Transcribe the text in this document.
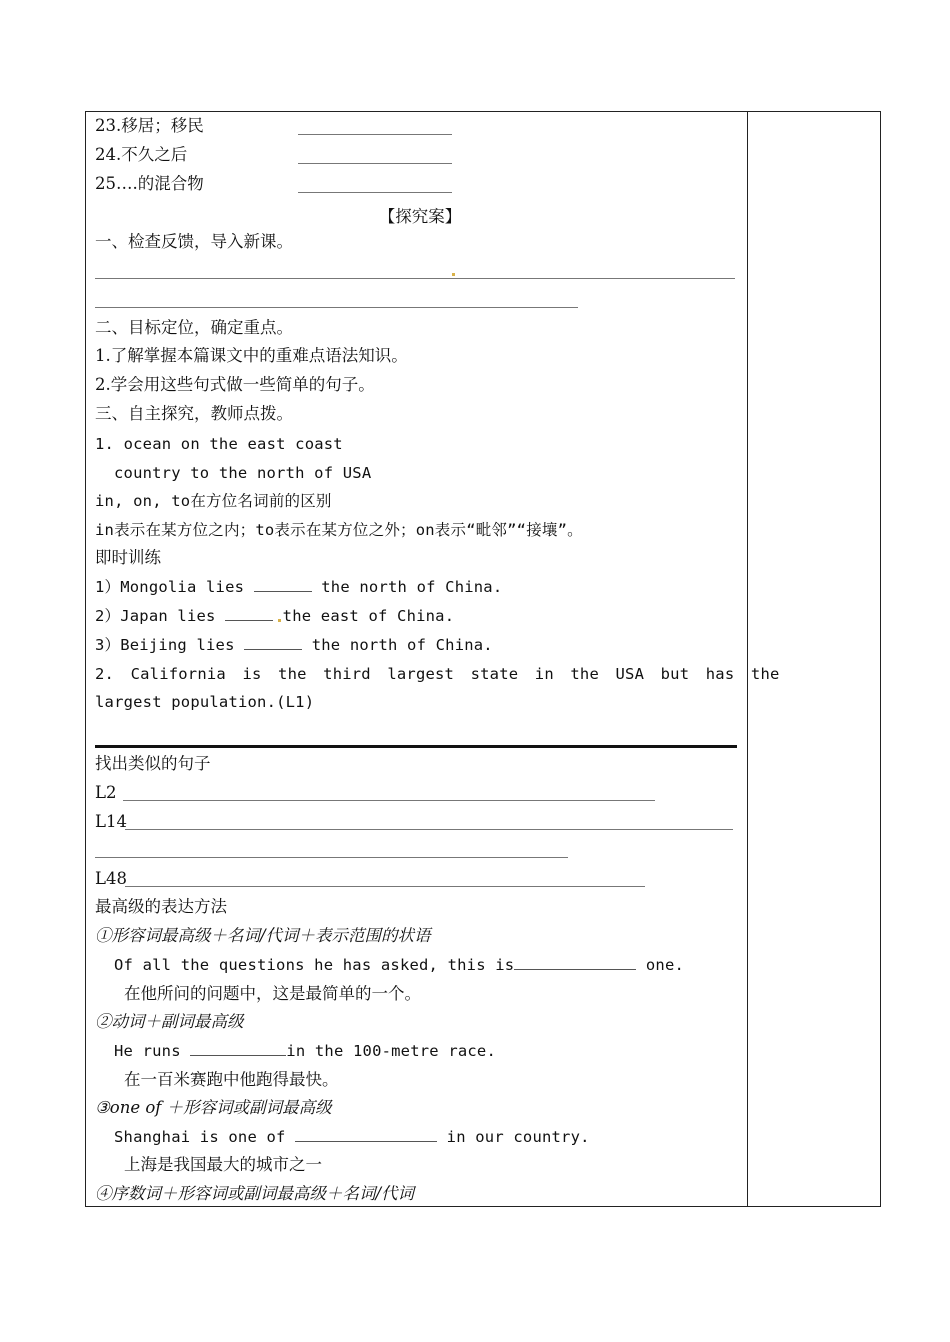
23.移居；移民
24.不久之后
25….的混合物
【探究案】
一、检查反馈，导入新课。
二、目标定位，确定重点。
1.了解掌握本篇课文中的重难点语法知识。
2.学会用这些句式做一些简单的句子。
三、自主探究，教师点拨。
1. ocean on the east coast
country to the north of USA
in, on, to在方位名词前的区别
in表示在某方位之内；to表示在某方位之外；on表示“毗邻”“接壤”。
即时训练
1）Mongolia lies	the north of China.
2）Japan lies	the east of China.
3）Beijing lies	the north of China.
2. California is the third largest state in the USA but has the
largest population.(L1)
找出类似的句子
L2
L14
L48
最高级的表达方法
①形容词最高级＋名词/代词＋表示范围的状语
Of all the questions he has asked, this is	one.
在他所问的问题中，这是最简单的一个。
②动词＋副词最高级
He runs	in the 100-metre race.
在一百米赛跑中他跑得最快。
③one of ＋形容词或副词最高级
Shanghai is one of	in our country.
上海是我国最大的城市之一
④序数词＋形容词或副词最高级＋名词/代词
